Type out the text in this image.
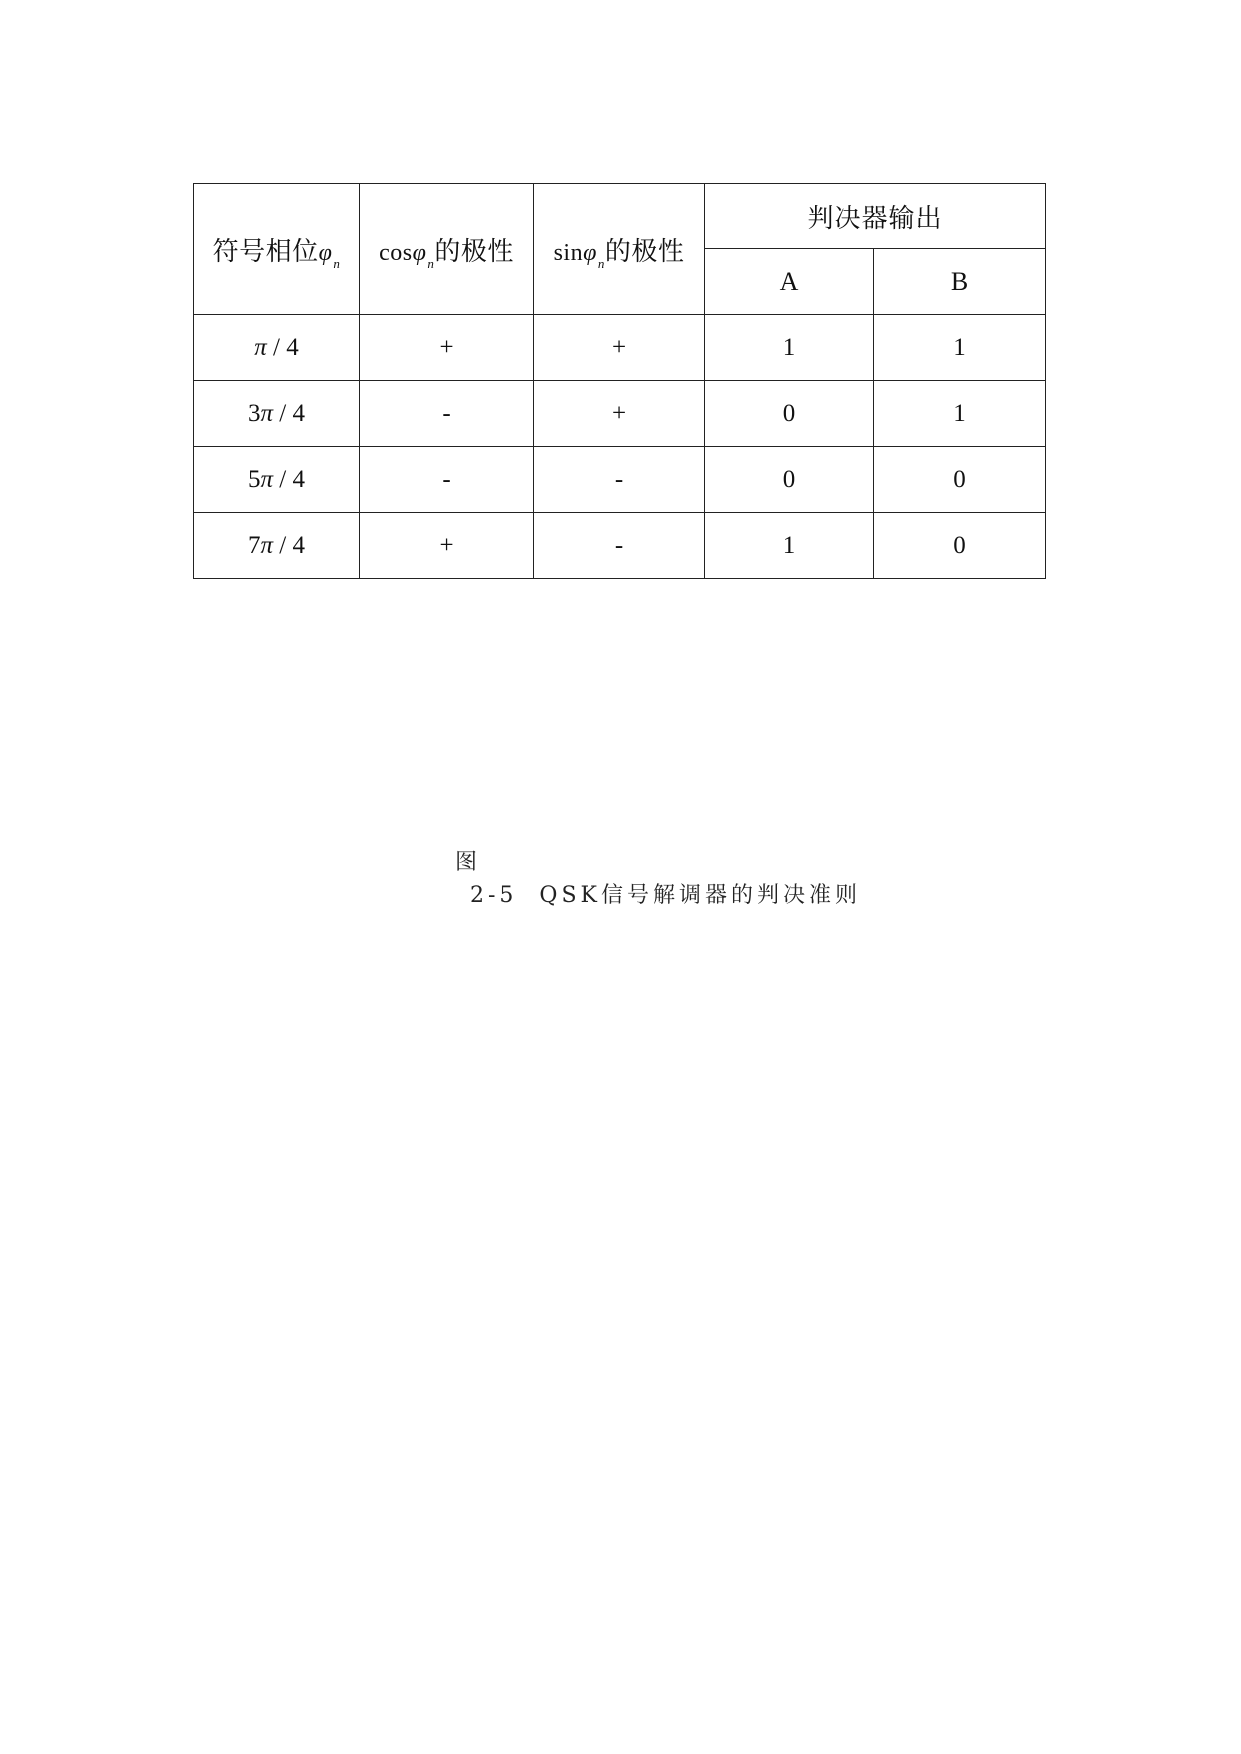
符号相位$\varphi_n$	cosφ$_n$的极性	sinφ$_n$的极性	判决器输出	
			A	B
π / 4	+	+	1	1
3π / 4	-	+	0	1
5π / 4	-	-	0	0
7π / 4	+	-	1	0
图
2-5  QSK信号解调器的判决准则
